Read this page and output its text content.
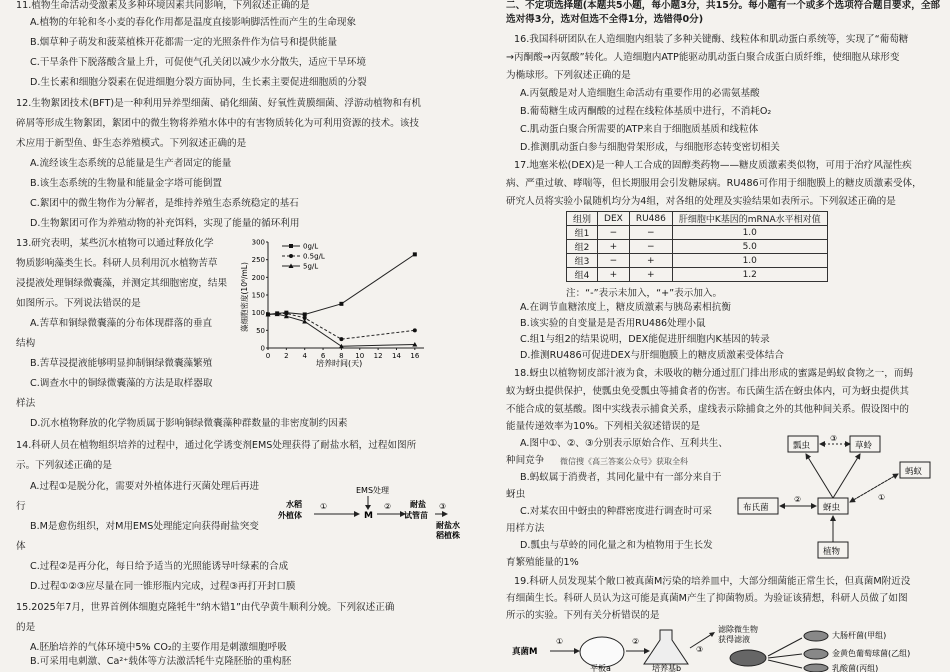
11.植物生命活动受激素及多种环境因素共同影响，下列叙述正确的是
A.植物的年轮和冬小麦的春化作用都是温度直接影响脚活性而产生的生命现象
B.烟草种子萌发和菠菜植株开花都需一定的光照条件作为信号和提供能量
C.干旱条件下脱落酸含量上升，可促使气孔关闭以减少水分散失，适应干旱环境
D.生长素和细胞分裂素在促进细胞分裂方面协同，生长素主要促进细胞质的分裂
12.生物絮团技术(BFT)是一种利用异养型细菌、硝化细菌、好氧性黄膜细菌、浮游动植物和有机
碎屑等形成生物絮团，絮团中的微生物将养殖水体中的有害物质转化为可利用资源的技术。该技
术应用于新型鱼、虾生态养殖模式。下列叙述正确的是
A.流经该生态系统的总能量是生产者固定的能量
B.该生态系统的生物量和能量金字塔可能倒置
C.絮团中的微生物作为分解者，是维持养殖生态系统稳定的基石
D.生物絮团可作为养殖动物的补充饵料，实现了能量的循环利用
13.研究表明，某些沉水植物可以通过释放化学
物质影响藻类生长。科研人员利用沉水植物苦草
浸提液处理铜绿微囊藻，并测定其细胞密度，结果
如图所示。下列说法错误的是
A.苦草和铜绿微囊藻的分布体现群落的垂直
结构
B.苦草浸提液能够明显抑制铜绿微囊藻繁殖
C.调查水中的铜绿微囊藻的方法是取样器取
样法
D.沉水植物释放的化学物质属于影响铜绿微囊藻种群数量的非密度制约因素
0 2 4 6 8 10 12 14 16
0
50
100
150
200
250
300
藻细胞密度(10⁶/mL)
培养时间(天)
0g/L
0.5g/L
5g/L
14.科研人员在植物组织培养的过程中，通过化学诱变剂EMS处理获得了耐盐水稻，过程如图所
示。下列叙述正确的是
A.过程①是脱分化，需要对外植体进行灭菌处理后再进
行
B.M是愈伤组织，对M用EMS处理能定向获得耐盐突变
体
C.过程②是再分化，每日给予适当的光照能诱导叶绿素的合成
D.过程①②③应尽量在同一锥形瓶内完成，过程③再打开封口膜
EMS处理
水稻
外植体
①
M
② 耐盐
试管苗
③
耐盐水
稻植株
15.2025年7月，世界首例体细胞克隆牦牛“纳木错1”由代孕黄牛顺利分娩。下列叙述正确
的是
A.胚胎培养的气体环境中5% CO₂的主要作用是刺激细胞呼吸
B.可采用电刺激、Ca²⁺载体等方法激活牦牛克隆胚胎的重构胚
二、不定项选择题(本题共5小题，每小题3分，共15分。每小题有一个或多个选项符合题目要求，全部
选对得3分，选对但选不全得1分，选错得0分)
16.我国科研团队在人造细胞内组装了多种关键酶、线粒体和肌动蛋白系统等，实现了“葡萄糖
→丙酮酸→丙氨酸”转化。人造细胞内ATP能驱动肌动蛋白聚合成蛋白质纤维，使细胞从球形变
为椭球形。下列叙述正确的是
A.丙氨酸是对人造细胞生命活动有重要作用的必需氨基酸
B.葡萄糖生成丙酮酸的过程在线粒体基质中进行，不消耗O₂
C.肌动蛋白聚合所需要的ATP来自于细胞质基质和线粒体
D.推测肌动蛋白参与细胞骨架形成，与细胞形态转变密切相关
17.地塞米松(DEX)是一种人工合成的固醇类药物——糖皮质激素类似物，可用于治疗风湿性疾
病、严重过敏、哮喘等，但长期服用会引发糖尿病。RU486可作用于细胞膜上的糖皮质激素受体，
研究人员将实验小鼠随机均分为4组，对各组的处理及实验结果如表所示。下列叙述正确的是
组别	DEX	RU486	肝细胞中K基因的mRNA水平相对值
组1	−	−	1.0
组2	+	−	5.0
组3	−	+	1.0
组4	+	+	1.2
注：“-”表示未加入，“+”表示加入。
A.在调节血糖浓度上，糖皮质激素与胰岛素相抗衡
B.该实验的自变量是是否用RU486处理小鼠
C.组1与组2的结果说明，DEX能促进肝细胞内K基因的转录
D.推测RU486可促进DEX与肝细胞膜上的糖皮质激素受体结合
18.蚜虫以植物韧皮部汁液为食，未吸收的糖分通过肛门排出形成的蜜露是蚂蚁食物之一，而蚂
蚁为蚜虫提供保护，使瓢虫免受瓢虫等捕食者的伤害。布氏菌生活在蚜虫体内，可为蚜虫提供其
不能合成的氨基酸。图中实线表示捕食关系，虚线表示除捕食之外的其他种间关系。假设图中的
能量传递效率为10%。下列相关叙述错误的是
A.图中①、②、③分别表示原始合作、互利共生、
种间竞争 微信搜《高三答案公众号》获取全科
B.蚂蚁属于消费者，其同化量中有一部分来自于
蚜虫
C.对某农田中蚜虫的种群密度进行调查时可采
用样方法
D.瓢虫与草蛉的同化量之和为植物用于生长发
育繁殖能量的1%
瓢虫	草蛉
蚂蚁
布氏菌	蚜虫
植物
③
①
②
19.科研人员发现某个敞口被真菌M污染的培养皿中，大部分细菌能正常生长，但真菌M附近没
有细菌生长。科研人员认为这可能是真菌M产生了抑菌物质。为验证该猜想，科研人员做了如图
所示的实验。下列有关分析错误的是
真菌M
①
平板a
②
培养基b
③
滤除微生物
获得滤液	大肠杆菌(甲组)
金黄色葡萄球菌(乙组)
乳酸菌(丙组)
